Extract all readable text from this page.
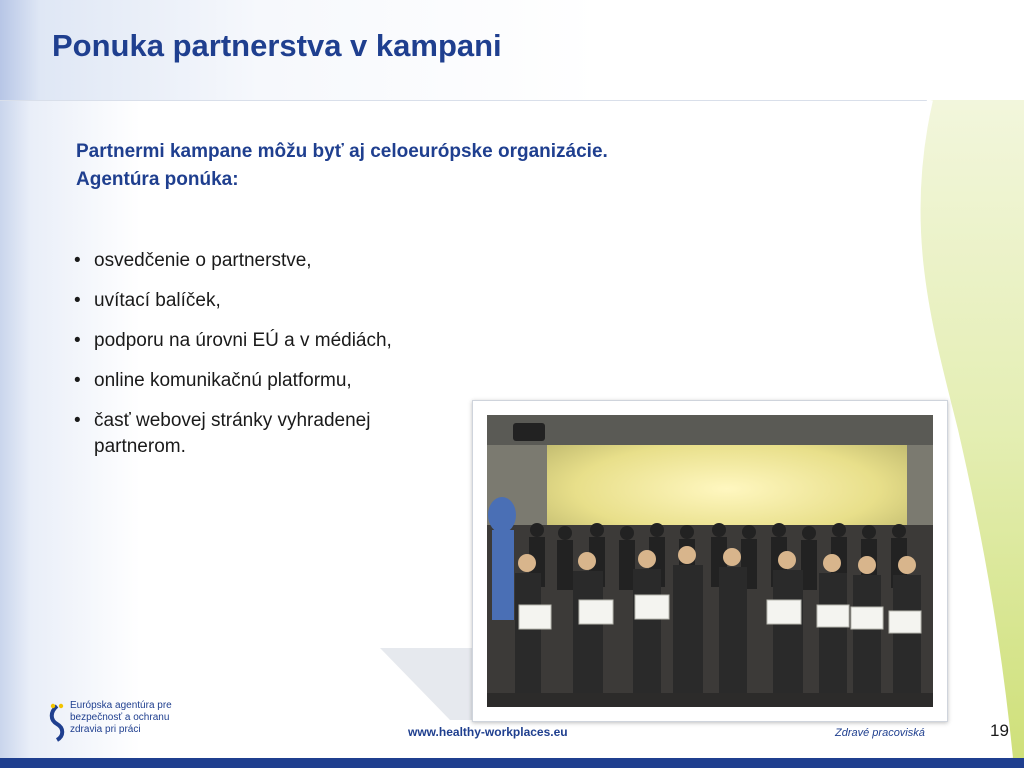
Ponuka partnerstva v kampani
Partnermi kampane môžu byť aj celoeurópske organizácie.
Agentúra ponúka:
• osvedčenie o partnerstve,
• uvítací balíček,
• podporu na úrovni EÚ a v médiách,
• online komunikačnú platformu,
• časť webovej stránky vyhradenej partnerom.
Európska agentúra pre
bezpečnosť a ochranu
zdravia pri práci	www.healthy-workplaces.eu	Zdravé pracoviská	19
